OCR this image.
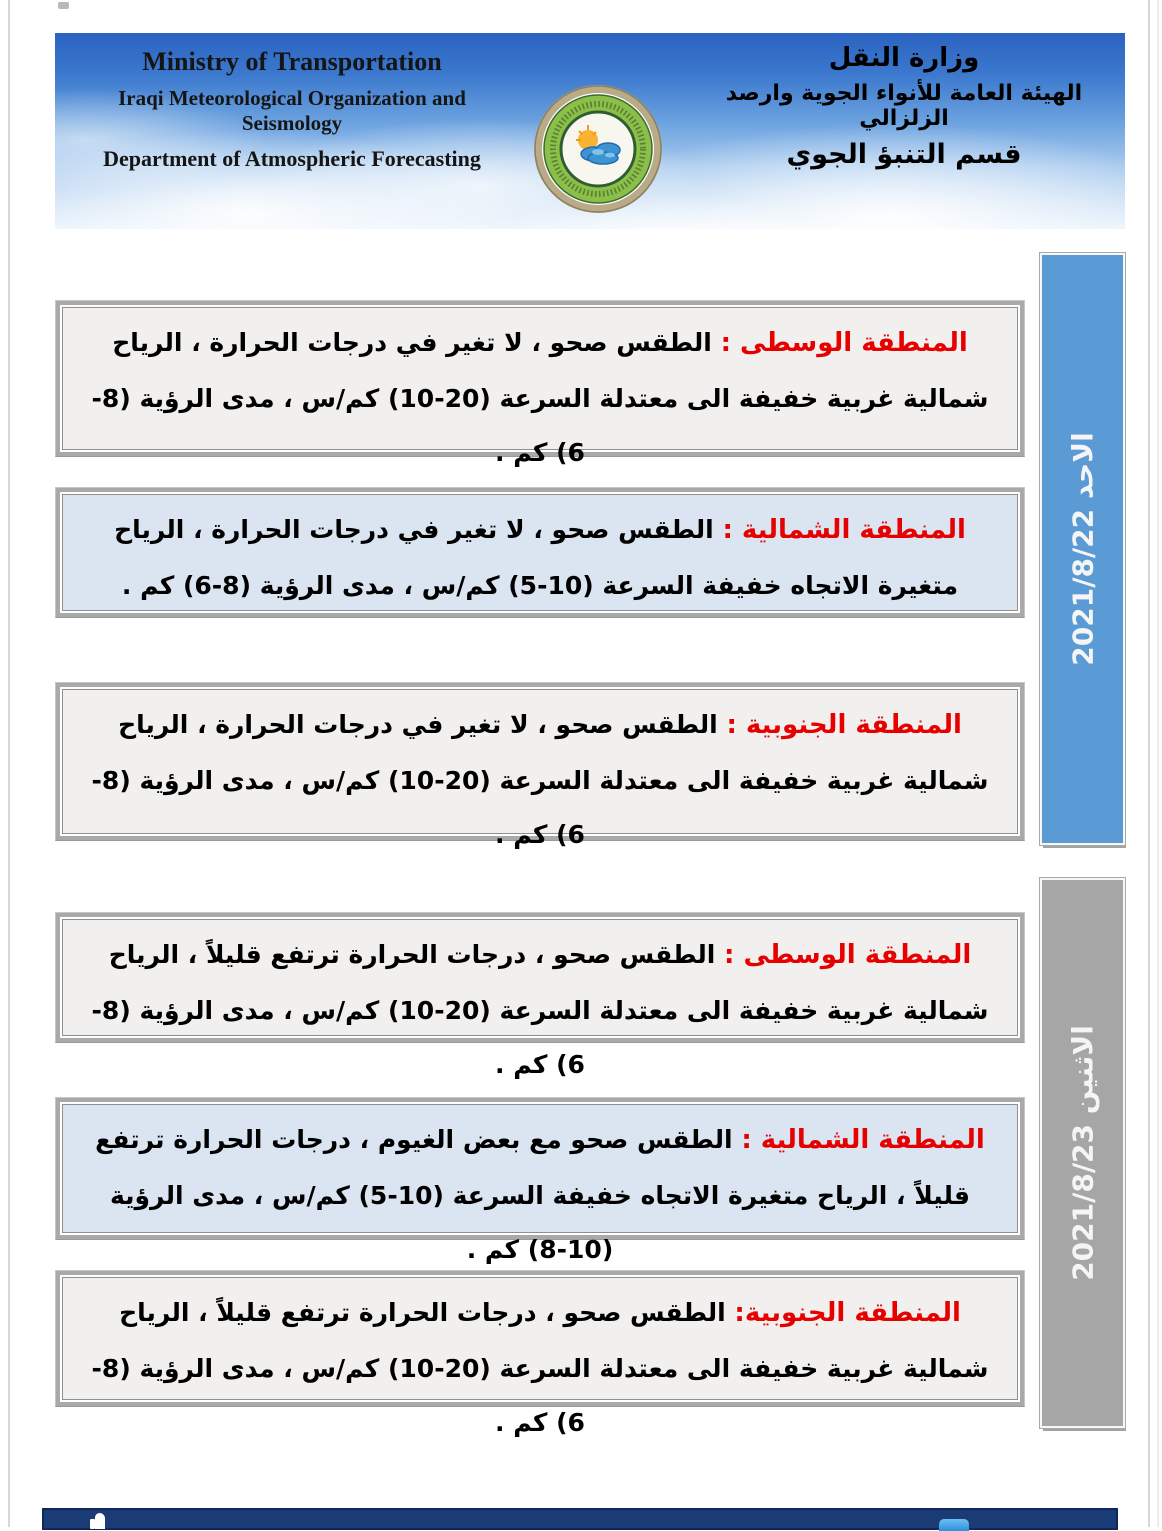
Ministry of Transportation
Iraqi Meteorological Organization and Seismology
Department of Atmospheric Forecasting
وزارة النقل
الهيئة العامة للأنواء الجوية وارصد الزلزالي
قسم التنبؤ الجوي
الاحد 2021/8/22
الاثنين 2021/8/23

المنطقة الوسطى : الطقس صحو ، لا تغير في درجات الحرارة ، الرياح شمالية غربية خفيفة الى معتدلة السرعة (20-10) كم/س ، مدى الرؤية (8-6) كم .

المنطقة الشمالية : الطقس صحو ، لا تغير في درجات الحرارة ، الرياح متغيرة الاتجاه خفيفة السرعة (10-5) كم/س ، مدى الرؤية (8-6) كم .

المنطقة الجنوبية : الطقس صحو ، لا تغير في درجات الحرارة ، الرياح شمالية غربية خفيفة الى معتدلة السرعة (20-10) كم/س ، مدى الرؤية (8-6) كم .

المنطقة الوسطى : الطقس صحو ، درجات الحرارة ترتفع قليلاً ، الرياح شمالية غربية خفيفة الى معتدلة السرعة (20-10) كم/س ، مدى الرؤية (8-6) كم .

المنطقة الشمالية : الطقس صحو مع بعض الغيوم ، درجات الحرارة ترتفع قليلاً ، الرياح متغيرة الاتجاه خفيفة السرعة (10-5) كم/س ، مدى الرؤية (10-8) كم .

المنطقة الجنوبية: الطقس صحو ، درجات الحرارة ترتفع قليلاً ، الرياح شمالية غربية خفيفة الى معتدلة السرعة (20-10) كم/س ، مدى الرؤية (8-6) كم .
